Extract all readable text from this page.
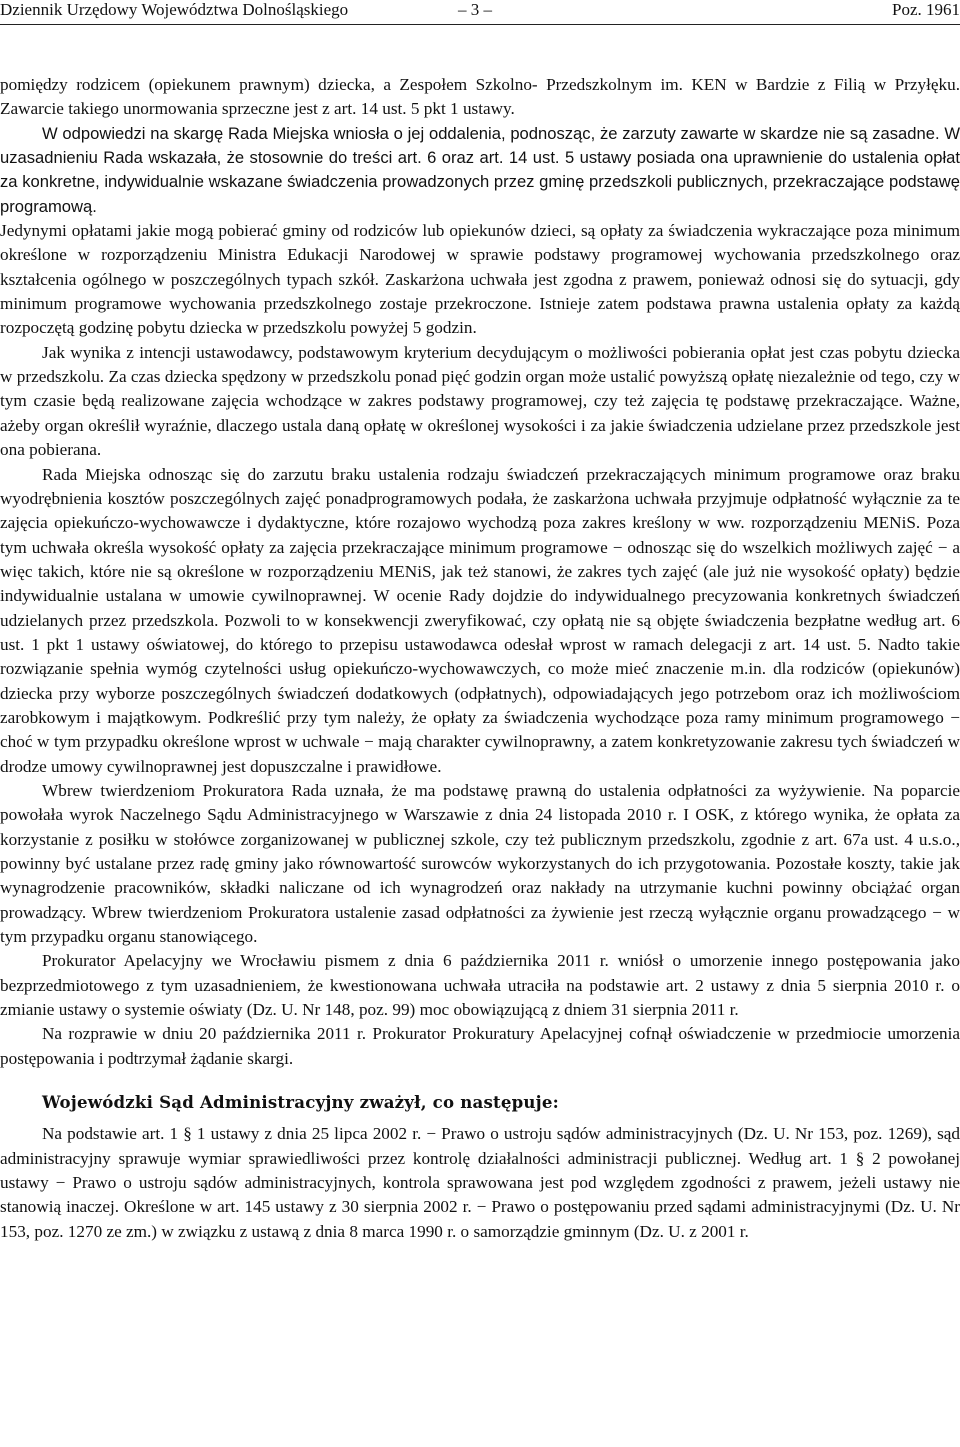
Dziennik Urzędowy Województwa Dolnośląskiego	– 3 –	Poz. 1961

pomiędzy rodzicem (opiekunem prawnym) dziecka, a Zespołem Szkolno- Przedszkolnym im. KEN w Bardzie z Filią w Przyłęku. Zawarcie takiego unormowania sprzeczne jest z art. 14 ust. 5 pkt 1 ustawy.

W odpowiedzi na skargę Rada Miejska wniosła o jej oddalenia, podnosząc, że zarzuty zawarte w skardze nie są zasadne. W uzasadnieniu Rada wskazała, że stosownie do treści art. 6 oraz art. 14 ust. 5 ustawy posiada ona uprawnienie do ustalenia opłat za konkretne, indywidualnie wskazane świadczenia prowadzonych przez gminę przedszkoli publicznych, przekraczające podstawę programową.

Jedynymi opłatami jakie mogą pobierać gminy od rodziców lub opiekunów dzieci, są opłaty za świadczenia wykraczające poza minimum określone w rozporządzeniu Ministra Edukacji Narodowej w sprawie podstawy programowej wychowania przedszkolnego oraz kształcenia ogólnego w poszczególnych typach szkół. Zaskarżona uchwała jest zgodna z prawem, ponieważ odnosi się do sytuacji, gdy minimum programowe wychowania przedszkolnego zostaje przekroczone. Istnieje zatem podstawa prawna ustalenia opłaty za każdą rozpoczętą godzinę pobytu dziecka w przedszkolu powyżej 5 godzin.

Jak wynika z intencji ustawodawcy, podstawowym kryterium decydującym o możliwości pobierania opłat jest czas pobytu dziecka w przedszkolu. Za czas dziecka spędzony w przedszkolu ponad pięć godzin organ może ustalić powyższą opłatę niezależnie od tego, czy w tym czasie będą realizowane zajęcia wchodzące w zakres podstawy programowej, czy też zajęcia tę podstawę przekraczające. Ważne, ażeby organ określił wyraźnie, dlaczego ustala daną opłatę w określonej wysokości i za jakie świadczenia udzielane przez przedszkole jest ona pobierana.

Rada Miejska odnosząc się do zarzutu braku ustalenia rodzaju świadczeń przekraczających minimum programowe oraz braku wyodrębnienia kosztów poszczególnych zajęć ponadprogramowych podała, że zaskarżona uchwała przyjmuje odpłatność wyłącznie za te zajęcia opiekuńczo-wychowawcze i dydaktyczne, które rozajowo wychodzą poza zakres kreślony w ww. rozporządzeniu MENiS. Poza tym uchwała określa wysokość opłaty za zajęcia przekraczające minimum programowe − odnosząc się do wszelkich możliwych zajęć − a więc takich, które nie są określone w rozporządzeniu MENiS, jak też stanowi, że zakres tych zajęć (ale już nie wysokość opłaty) będzie indywidualnie ustalana w umowie cywilnoprawnej. W ocenie Rady dojdzie do indywidualnego precyzowania konkretnych świadczeń udzielanych przez przedszkola. Pozwoli to w konsekwencji zweryfikować, czy opłatą nie są objęte świadczenia bezpłatne według art. 6 ust. 1 pkt 1 ustawy oświatowej, do którego to przepisu ustawodawca odesłał wprost w ramach delegacji z art. 14 ust. 5. Nadto takie rozwiązanie spełnia wymóg czytelności usług opiekuńczo-wychowawczych, co może mieć znaczenie m.in. dla rodziców (opiekunów) dziecka przy wyborze poszczególnych świadczeń dodatkowych (odpłatnych), odpowiadających jego potrzebom oraz ich możliwościom zarobkowym i majątkowym. Podkreślić przy tym należy, że opłaty za świadczenia wychodzące poza ramy minimum programowego − choć w tym przypadku określone wprost w uchwale − mają charakter cywilnoprawny, a zatem konkretyzowanie zakresu tych świadczeń w drodze umowy cywilnoprawnej jest dopuszczalne i prawidłowe.

Wbrew twierdzeniom Prokuratora Rada uznała, że ma podstawę prawną do ustalenia odpłatności za wyżywienie. Na poparcie powołała wyrok Naczelnego Sądu Administracyjnego w Warszawie z dnia 24 listopada 2010 r. I OSK, z którego wynika, że opłata za korzystanie z posiłku w stołówce zorganizowanej w publicznej szkole, czy też publicznym przedszkolu, zgodnie z art. 67a ust. 4 u.s.o., powinny być ustalane przez radę gminy jako równowartość surowców wykorzystanych do ich przygotowania. Pozostałe koszty, takie jak wynagrodzenie pracowników, składki naliczane od ich wynagrodzeń oraz nakłady na utrzymanie kuchni powinny obciążać organ prowadzący. Wbrew twierdzeniom Prokuratora ustalenie zasad odpłatności za żywienie jest rzeczą wyłącznie organu prowadzącego − w tym przypadku organu stanowiącego.

Prokurator Apelacyjny we Wrocławiu pismem z dnia 6 października 2011 r. wniósł o umorzenie innego postępowania jako bezprzedmiotowego z tym uzasadnieniem, że kwestionowana uchwała utraciła na podstawie art. 2 ustawy z dnia 5 sierpnia 2010 r. o zmianie ustawy o systemie oświaty (Dz. U. Nr 148, poz. 99) moc obowiązującą z dniem 31 sierpnia 2011 r.

Na rozprawie w dniu 20 października 2011 r. Prokurator Prokuratury Apelacyjnej cofnął oświadczenie w przedmiocie umorzenia postępowania i podtrzymał żądanie skargi.

Wojewódzki Sąd Administracyjny zważył, co następuje:

Na podstawie art. 1 § 1 ustawy z dnia 25 lipca 2002 r. − Prawo o ustroju sądów administracyjnych (Dz. U. Nr 153, poz. 1269), sąd administracyjny sprawuje wymiar sprawiedliwości przez kontrolę działalności administracji publicznej. Według art. 1 § 2 powołanej ustawy − Prawo o ustroju sądów administracyjnych, kontrola sprawowana jest pod względem zgodności z prawem, jeżeli ustawy nie stanowią inaczej. Określone w art. 145 ustawy z 30 sierpnia 2002 r. − Prawo o postępowaniu przed sądami administracyjnymi (Dz. U. Nr 153, poz. 1270 ze zm.) w związku z ustawą z dnia 8 marca 1990 r. o samorządzie gminnym (Dz. U. z 2001 r.
